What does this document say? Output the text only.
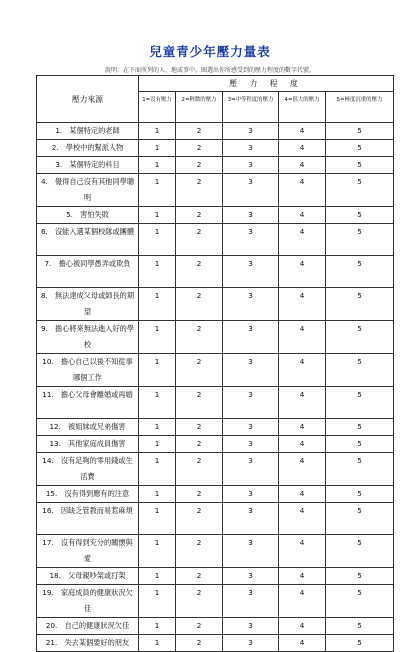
兒童青少年壓力量表
說明：在下面所列的人、地或事中，圈選出你所感受到的壓力程度的數字代號。
壓力來源	壓 力 程 度				
	1=沒有壓力	2=輕微的壓力	3=中等程度的壓力	4=很大的壓力	5=極度沉重的壓力
1.　某個特定的老師	1	2	3	4	5
2.　學校中的幫派人物	1	2	3	4	5
3.　某個特定的科目	1	2	3	4	5
4.　覺得自己沒有其他同學聰明	1	2	3	4	5
5.　害怕失敗	1	2	3	4	5
6.　沒能入選某個校隊或團體	1	2	3	4	5
7.　擔心被同學愚弄或欺負	1	2	3	4	5
8.　無法達成父母或師長的期望	1	2	3	4	5
9.　擔心將來無法進入好的學校	1	2	3	4	5
10.　擔心自己以後不知從事哪個工作	1	2	3	4	5
11.　擔心父母會離婚或再婚	1	2	3	4	5
12.　被姐妹或兄弟傷害	1	2	3	4	5
13.　其他家庭成員傷害	1	2	3	4	5
14.　沒有足夠的零用錢或生活費	1	2	3	4	5
15.　沒有得到應有的注意	1	2	3	4	5
16.　因缺乏管教而易惹麻煩	1	2	3	4	5
17.　沒有得到充分的關懷與愛	1	2	3	4	5
18.　父母親吵架或打架	1	2	3	4	5
19.　家庭成員的健康狀況欠佳	1	2	3	4	5
20.　自己的健康狀況欠佳	1	2	3	4	5
21.　失去某個要好的朋友	1	2	3	4	5
